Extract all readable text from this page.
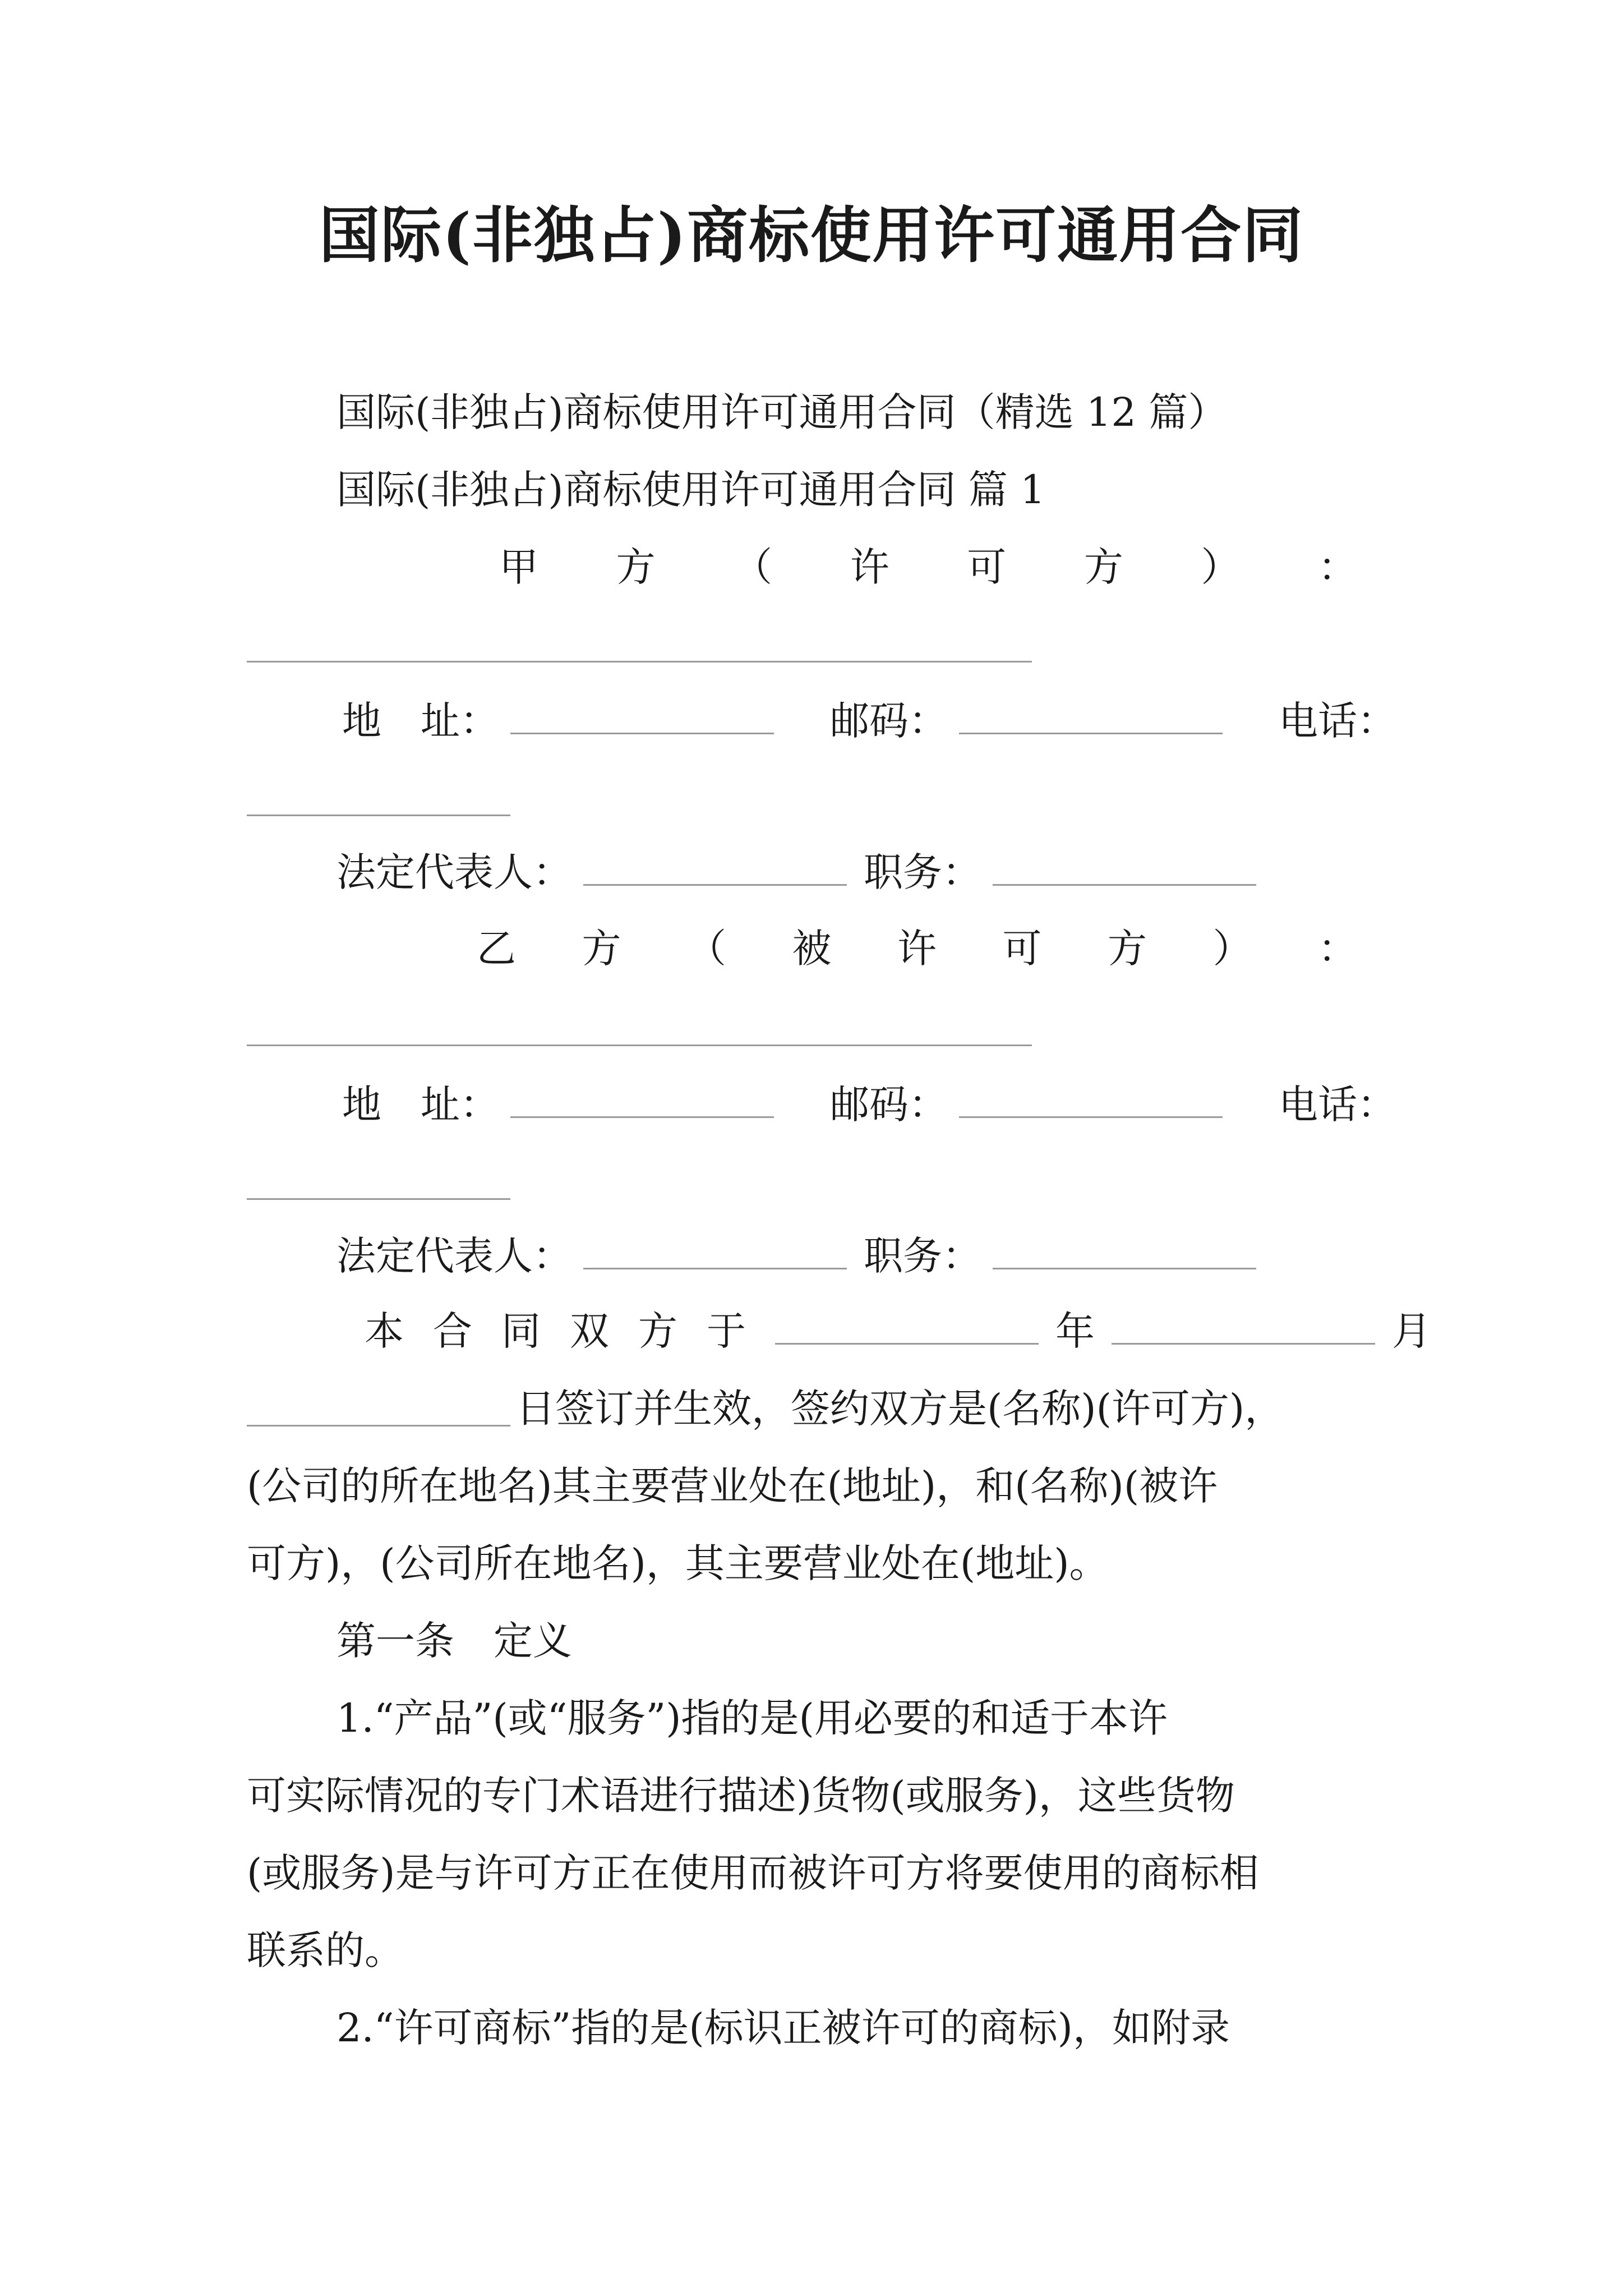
国际(非独占)商标使用许可通用合同
国际(非独占)商标使用许可通用合同（精选 12 篇）
国际(非独占)商标使用许可通用合同 篇 1
甲 方 （ 许 可 方 ） ：
地　址：	邮码：	电话：
法定代表人：	职务：
乙 方 （ 被 许 可 方 ） ：
地　址：	邮码：	电话：
法定代表人：	职务：
本合同双方于	年	月
日签订并生效，签约双方是(名称)(许可方)，
(公司的所在地名)其主要营业处在(地址)，和(名称)(被许
可方)，(公司所在地名)，其主要营业处在(地址)。
第一条　定义
1.“产品”(或“服务”)指的是(用必要的和适于本许
可实际情况的专门术语进行描述)货物(或服务)，这些货物
(或服务)是与许可方正在使用而被许可方将要使用的商标相
联系的。
2.“许可商标”指的是(标识正被许可的商标)，如附录
